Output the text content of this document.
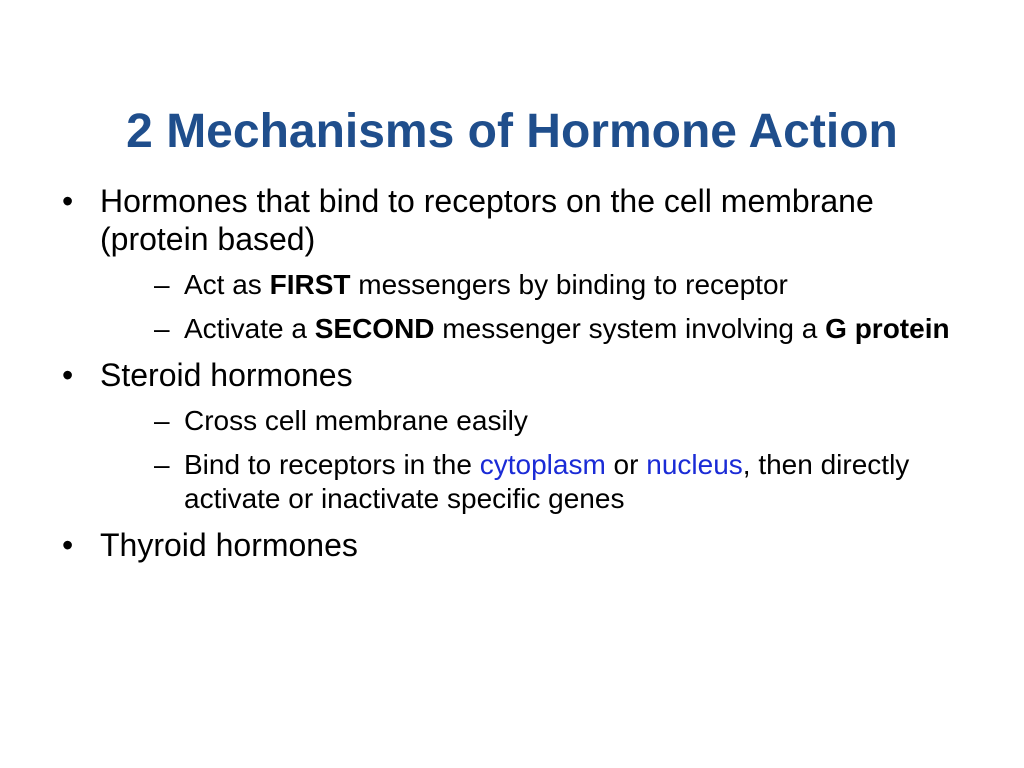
2 Mechanisms of Hormone Action
• Hormones that bind to receptors on the cell membrane (protein based)
– Act as FIRST messengers by binding to receptor
– Activate a SECOND messenger system involving a G protein
• Steroid hormones
– Cross cell membrane easily
– Bind to receptors in the cytoplasm or nucleus, then directly activate or inactivate specific genes
• Thyroid hormones
